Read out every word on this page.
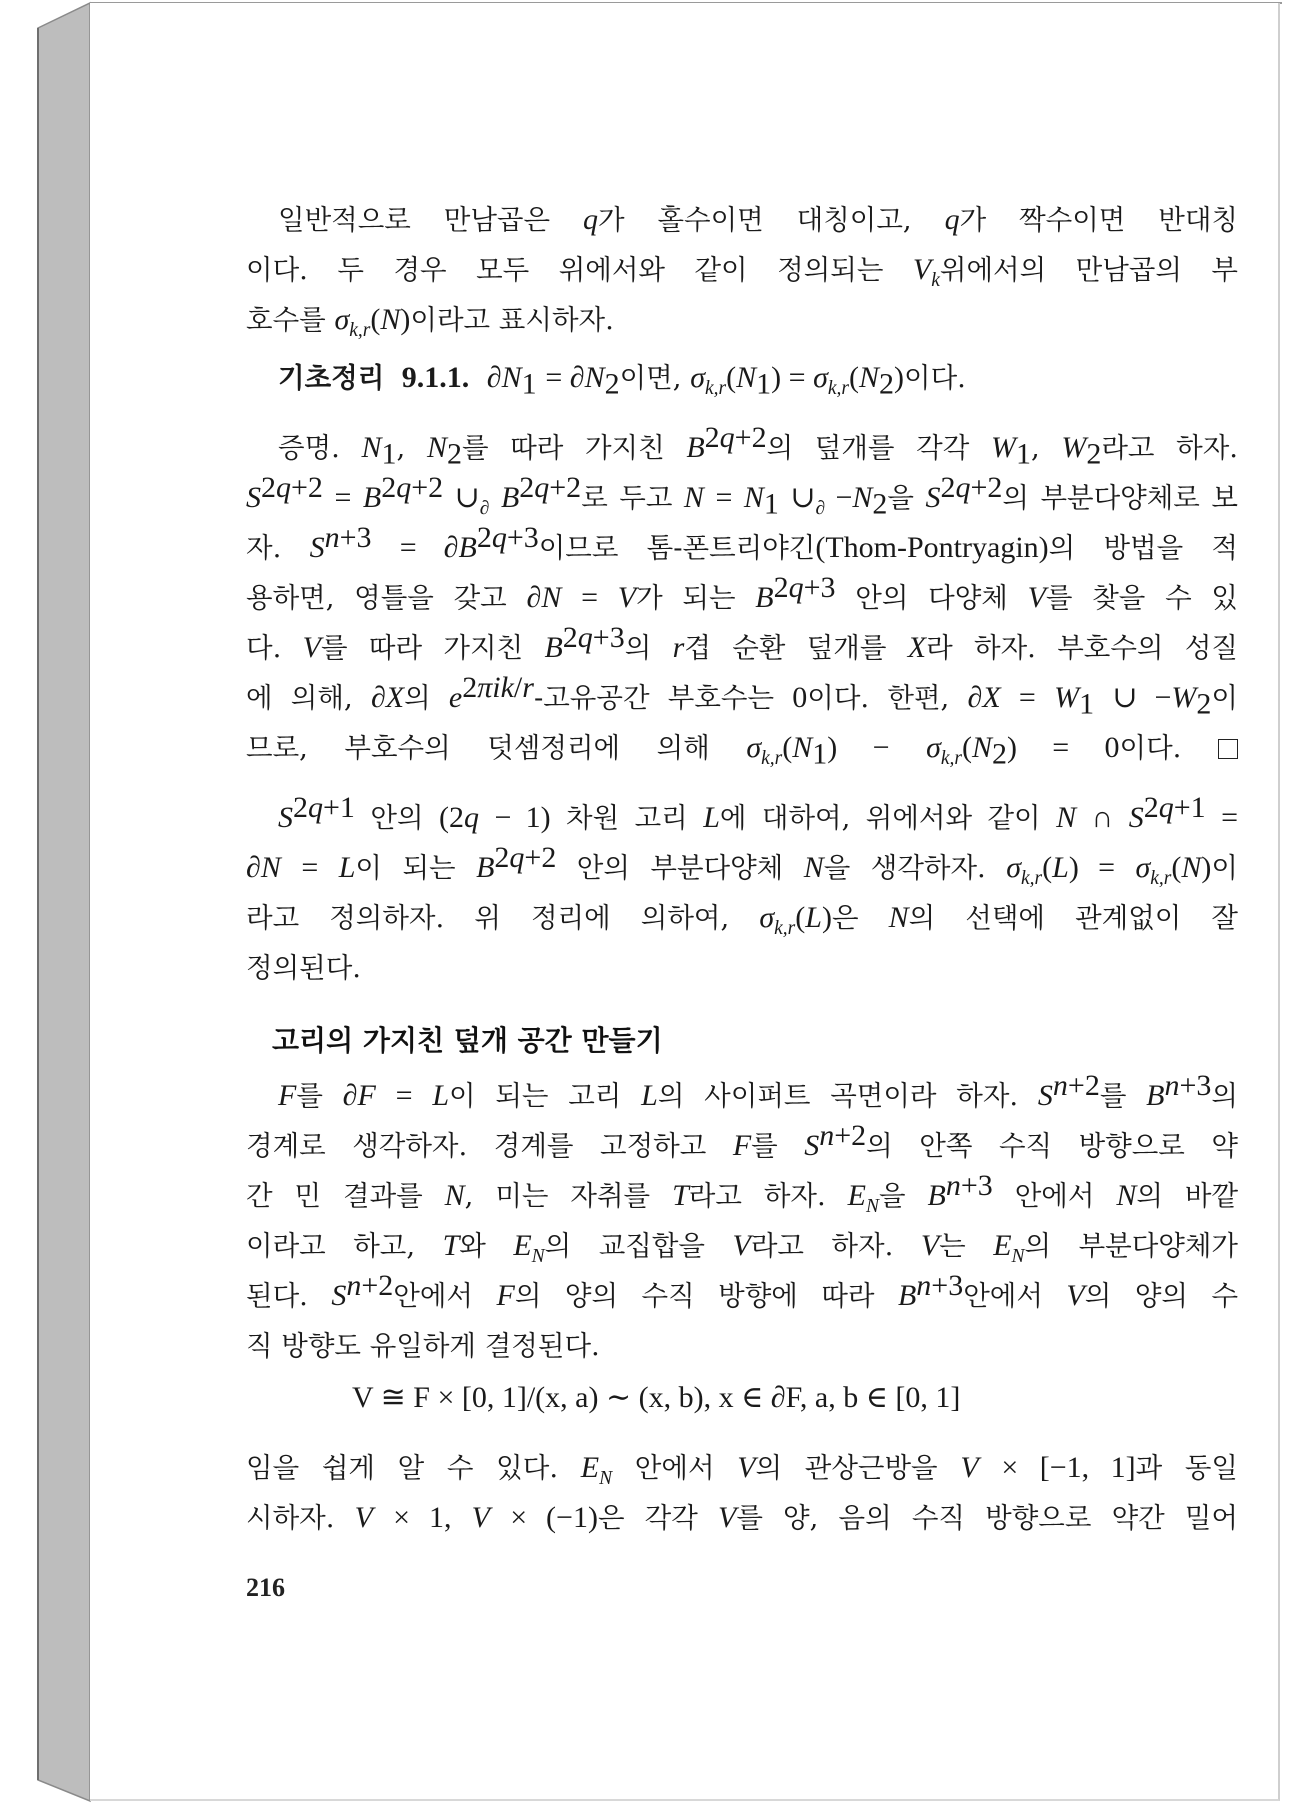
일반적으로 만남곱은 q가 홀수이면 대칭이고, q가 짝수이면 반대칭
이다. 두 경우 모두 위에서와 같이 정의되는 $V_k$위에서의 만남곱의 부
호수를 $\sigma_{k,r}(N)$이라고 표시하자.
기초정리 9.1.1. $\partial N_1 = \partial N_2$이면, $\sigma_{k,r}(N_1) = \sigma_{k,r}(N_2)$이다.
증명. $N_1$, $N_2$를 따라 가지친 $B^{2q+2}$의 덮개를 각각 $W_1$, $W_2$라고 하자.
$S^{2q+2} = B^{2q+2}$ $\cup_\partial$ $B^{2q+2}$로 두고 $N = N_1$ $\cup_\partial -N_2$을 $S^{2q+2}$의 부분다양체로 보
자. $S^{n+3} = \partial B^{2q+3}$이므로 톰-폰트리야긴(Thom-Pontryagin)의 방법을 적
용하면, 영틀을 갖고 ∂N = V가 되는 $B^{2q+3}$ 안의 다양체 V를 찾을 수 있
다. V를 따라 가지친 $B^{2q+3}$의 r겹 순환 덮개를 X라 하자. 부호수의 성질
에 의해, ∂X의 $e^{2\pi ik/r}-$고유공간 부호수는 0이다. 한편, $\partial X = W_1$ ∪ $-W_2$이
므로, 부호수의 덧셈정리에 의해 $\sigma_{k,r}(N_1) - \sigma_{k,r}(N_2) = 0$이다.
$S^{2q+1}$ 안의 (2q − 1) 차원 고리 L에 대하여, 위에서와 같이 N ∩ $S^{2q+1}$ =
∂N = L이 되는 $B^{2q+2}$ 안의 부분다양체 N을 생각하자. $\sigma_{k,r}(L) = \sigma_{k,r}(N)$이
라고 정의하자. 위 정리에 의하여, $\sigma_{k,r}(L)$은 N의 선택에 관계없이 잘
정의된다.
고리의 가지친 덮개 공간 만들기
F를 ∂F = L이 되는 고리 L의 사이퍼트 곡면이라 하자. $S^{n+2}$를 $B^{n+3}$의
경계로 생각하자. 경계를 고정하고 F를 $S^{n+2}$의 안쪽 수직 방향으로 약
간 민 결과를 N, 미는 자취를 T라고 하자. $E_N$을 $B^{n+3}$ 안에서 N의 바깥
이라고 하고, T와 $E_N$의 교집합을 V라고 하자. V는 $E_N$의 부분다양체가
된다. $S^{n+2}$안에서 F의 양의 수직 방향에 따라 $B^{n+3}$안에서 V의 양의 수
직 방향도 유일하게 결정된다.
V ≅ F × [0, 1]/(x, a) ∼ (x, b), x ∈ ∂F, a, b ∈ [0, 1]
임을 쉽게 알 수 있다. $E_N$ 안에서 V의 관상근방을 V × [−1, 1]과 동일
시하자. V × 1, V × (−1)은 각각 V를 양, 음의 수직 방향으로 약간 밀어
216
